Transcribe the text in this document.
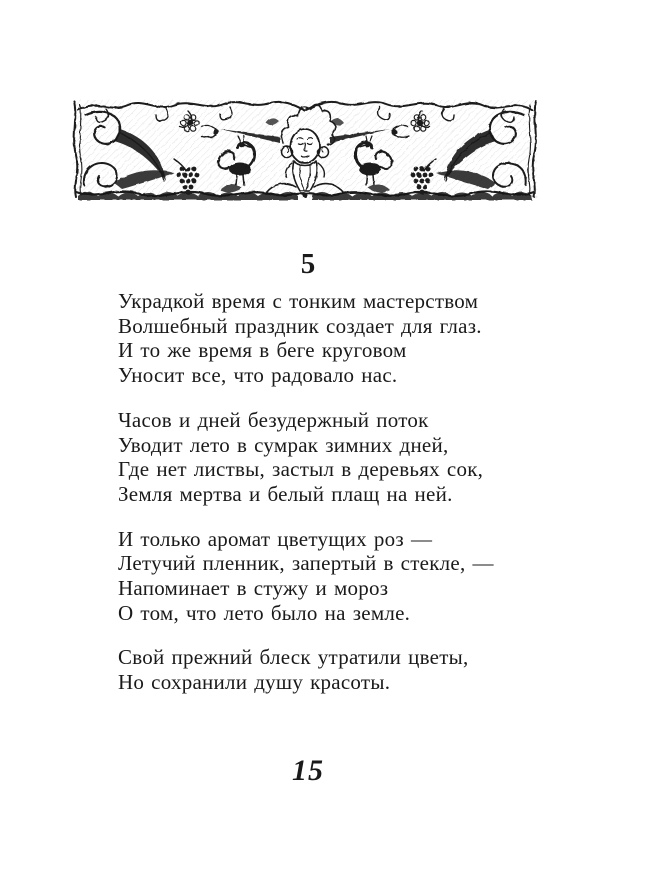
5
Украдкой время с тонким мастерством
Волшебный праздник создает для глаз.
И то же время в беге круговом
Уносит все, что радовало нас.
Часов и дней безудержный поток
Уводит лето в сумрак зимних дней,
Где нет листвы, застыл в деревьях сок,
Земля мертва и белый плащ на ней.
И только аромат цветущих роз —
Летучий пленник, запертый в стекле, —
Напоминает в стужу и мороз
О том, что лето было на земле.
Свой прежний блеск утратили цветы,
Но сохранили душу красоты.
15
